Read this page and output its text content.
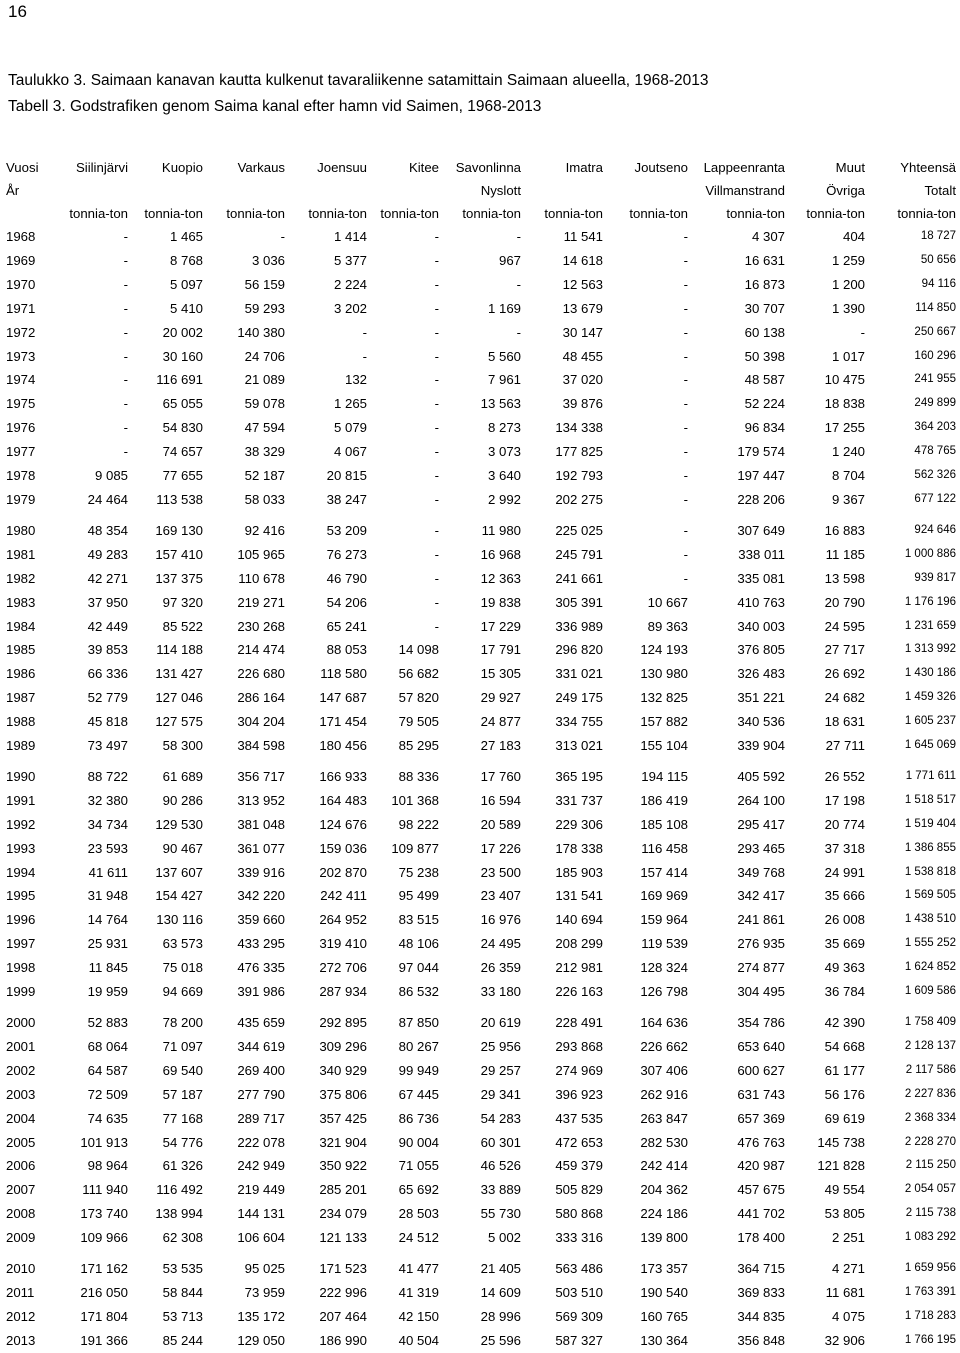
16
Taulukko 3. Saimaan kanavan kautta kulkenut tavaraliikenne satamittain Saimaan alueella, 1968-2013
Tabell 3. Godstrafiken genom Saima kanal efter hamn vid Saimen, 1968-2013
Vuosi	Siilinjärvi	Kuopio	Varkaus	Joensuu	Kitee	Savonlinna	Imatra	Joutseno	Lappeenranta	Muut	Yhteensä
År						Nyslott			Villmanstrand	Övriga	Totalt
	tonnia-ton	tonnia-ton	tonnia-ton	tonnia-ton	tonnia-ton	tonnia-ton	tonnia-ton	tonnia-ton	tonnia-ton	tonnia-ton	tonnia-ton
1968	-	1 465	-	1 414	-	-	11 541	-	4 307	404	18 727
1969	-	8 768	3 036	5 377	-	967	14 618	-	16 631	1 259	50 656
1970	-	5 097	56 159	2 224	-	-	12 563	-	16 873	1 200	94 116
1971	-	5 410	59 293	3 202	-	1 169	13 679	-	30 707	1 390	114 850
1972	-	20 002	140 380	-	-	-	30 147	-	60 138	-	250 667
1973	-	30 160	24 706	-	-	5 560	48 455	-	50 398	1 017	160 296
1974	-	116 691	21 089	132	-	7 961	37 020	-	48 587	10 475	241 955
1975	-	65 055	59 078	1 265	-	13 563	39 876	-	52 224	18 838	249 899
1976	-	54 830	47 594	5 079	-	8 273	134 338	-	96 834	17 255	364 203
1977	-	74 657	38 329	4 067	-	3 073	177 825	-	179 574	1 240	478 765
1978	9 085	77 655	52 187	20 815	-	3 640	192 793	-	197 447	8 704	562 326
1979	24 464	113 538	58 033	38 247	-	2 992	202 275	-	228 206	9 367	677 122
1980	48 354	169 130	92 416	53 209	-	11 980	225 025	-	307 649	16 883	924 646
1981	49 283	157 410	105 965	76 273	-	16 968	245 791	-	338 011	11 185	1 000 886
1982	42 271	137 375	110 678	46 790	-	12 363	241 661	-	335 081	13 598	939 817
1983	37 950	97 320	219 271	54 206	-	19 838	305 391	10 667	410 763	20 790	1 176 196
1984	42 449	85 522	230 268	65 241	-	17 229	336 989	89 363	340 003	24 595	1 231 659
1985	39 853	114 188	214 474	88 053	14 098	17 791	296 820	124 193	376 805	27 717	1 313 992
1986	66 336	131 427	226 680	118 580	56 682	15 305	331 021	130 980	326 483	26 692	1 430 186
1987	52 779	127 046	286 164	147 687	57 820	29 927	249 175	132 825	351 221	24 682	1 459 326
1988	45 818	127 575	304 204	171 454	79 505	24 877	334 755	157 882	340 536	18 631	1 605 237
1989	73 497	58 300	384 598	180 456	85 295	27 183	313 021	155 104	339 904	27 711	1 645 069
1990	88 722	61 689	356 717	166 933	88 336	17 760	365 195	194 115	405 592	26 552	1 771 611
1991	32 380	90 286	313 952	164 483	101 368	16 594	331 737	186 419	264 100	17 198	1 518 517
1992	34 734	129 530	381 048	124 676	98 222	20 589	229 306	185 108	295 417	20 774	1 519 404
1993	23 593	90 467	361 077	159 036	109 877	17 226	178 338	116 458	293 465	37 318	1 386 855
1994	41 611	137 607	339 916	202 870	75 238	23 500	185 903	157 414	349 768	24 991	1 538 818
1995	31 948	154 427	342 220	242 411	95 499	23 407	131 541	169 969	342 417	35 666	1 569 505
1996	14 764	130 116	359 660	264 952	83 515	16 976	140 694	159 964	241 861	26 008	1 438 510
1997	25 931	63 573	433 295	319 410	48 106	24 495	208 299	119 539	276 935	35 669	1 555 252
1998	11 845	75 018	476 335	272 706	97 044	26 359	212 981	128 324	274 877	49 363	1 624 852
1999	19 959	94 669	391 986	287 934	86 532	33 180	226 163	126 798	304 495	36 784	1 609 586
2000	52 883	78 200	435 659	292 895	87 850	20 619	228 491	164 636	354 786	42 390	1 758 409
2001	68 064	71 097	344 619	309 296	80 267	25 956	293 868	226 662	653 640	54 668	2 128 137
2002	64 587	69 540	269 400	340 929	99 949	29 257	274 969	307 406	600 627	61 177	2 117 586
2003	72 509	57 187	277 790	375 806	67 445	29 341	396 923	262 916	631 743	56 176	2 227 836
2004	74 635	77 168	289 717	357 425	86 736	54 283	437 535	263 847	657 369	69 619	2 368 334
2005	101 913	54 776	222 078	321 904	90 004	60 301	472 653	282 530	476 763	145 738	2 228 270
2006	98 964	61 326	242 949	350 922	71 055	46 526	459 379	242 414	420 987	121 828	2 115 250
2007	111 940	116 492	219 449	285 201	65 692	33 889	505 829	204 362	457 675	49 554	2 054 057
2008	173 740	138 994	144 131	234 079	28 503	55 730	580 868	224 186	441 702	53 805	2 115 738
2009	109 966	62 308	106 604	121 133	24 512	5 002	333 316	139 800	178 400	2 251	1 083 292
2010	171 162	53 535	95 025	171 523	41 477	21 405	563 486	173 357	364 715	4 271	1 659 956
2011	216 050	58 844	73 959	222 996	41 319	14 609	503 510	190 540	369 833	11 681	1 763 391
2012	171 804	53 713	135 172	207 464	42 150	28 996	569 309	160 765	344 835	4 075	1 718 283
2013	191 366	85 244	129 050	186 990	40 504	25 596	587 327	130 364	356 848	32 906	1 766 195
